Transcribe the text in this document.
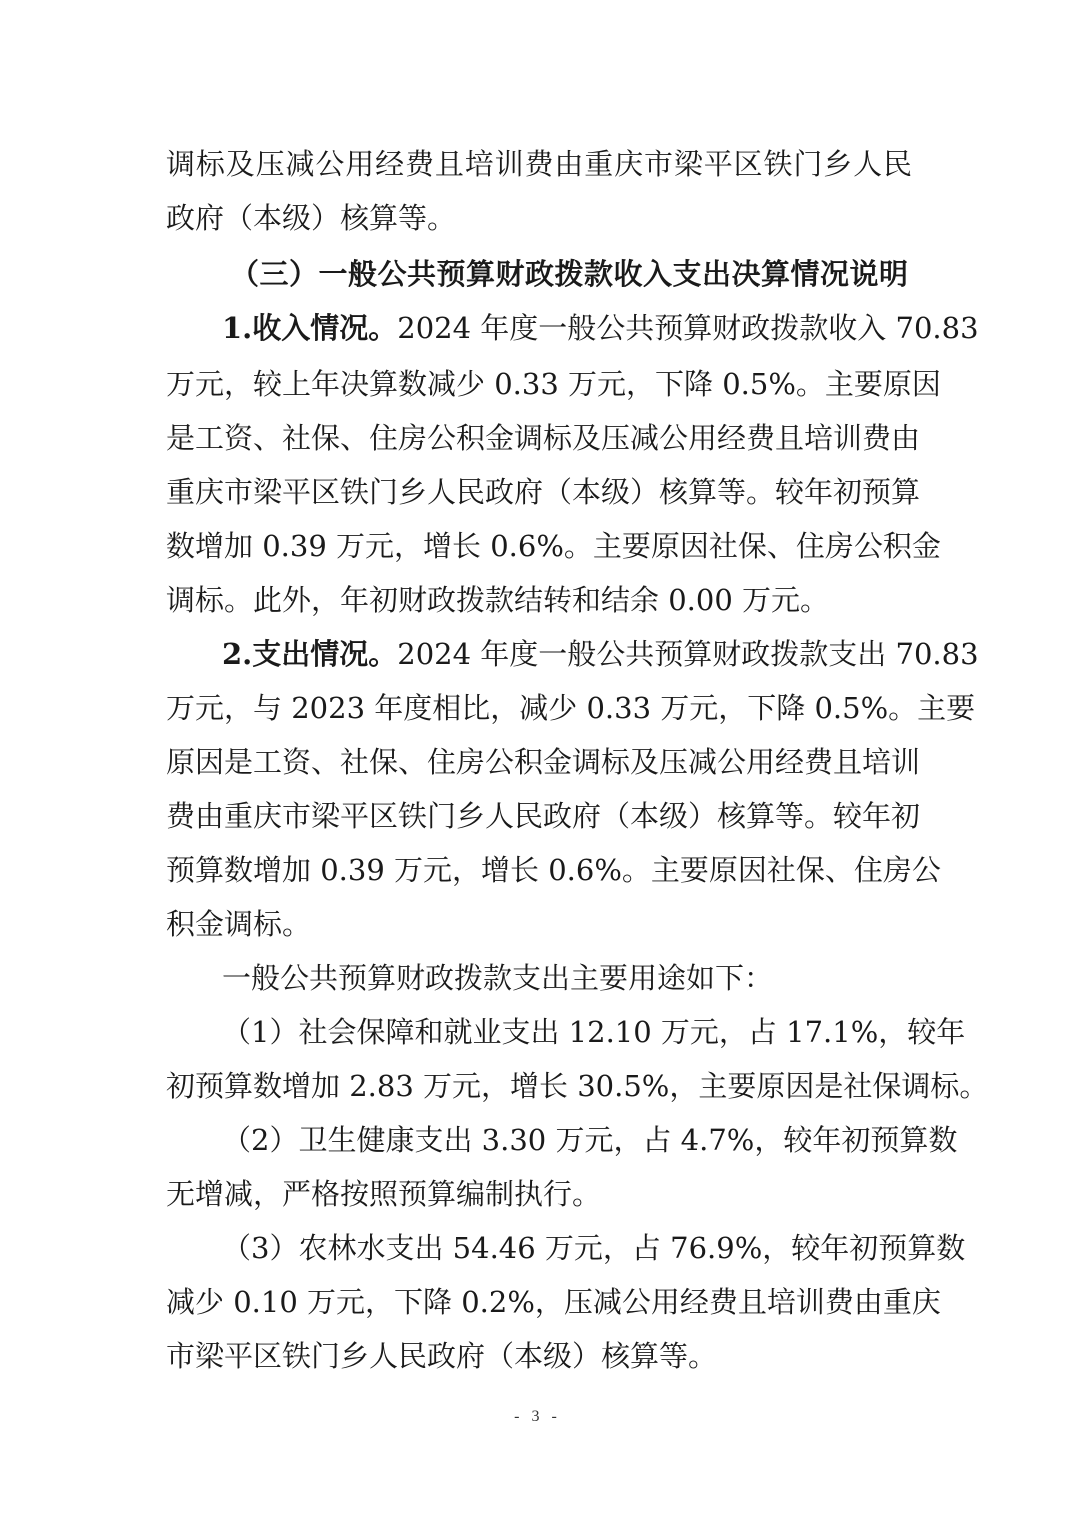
调标及压减公用经费且培训费由重庆市梁平区铁门乡人民
政府（本级）核算等。
（三）一般公共预算财政拨款收入支出决算情况说明
1.收入情况。2024 年度一般公共预算财政拨款收入 70.83
万元，较上年决算数减少 0.33 万元，下降 0.5%。主要原因
是工资、社保、住房公积金调标及压减公用经费且培训费由
重庆市梁平区铁门乡人民政府（本级）核算等。较年初预算
数增加 0.39 万元，增长 0.6%。主要原因社保、住房公积金
调标。此外，年初财政拨款结转和结余 0.00 万元。
2.支出情况。2024 年度一般公共预算财政拨款支出 70.83
万元，与 2023 年度相比，减少 0.33 万元，下降 0.5%。主要
原因是工资、社保、住房公积金调标及压减公用经费且培训
费由重庆市梁平区铁门乡人民政府（本级）核算等。较年初
预算数增加 0.39 万元，增长 0.6%。主要原因社保、住房公
积金调标。
一般公共预算财政拨款支出主要用途如下：
（1）社会保障和就业支出 12.10 万元，占 17.1%，较年
初预算数增加 2.83 万元，增长 30.5%，主要原因是社保调标。
（2）卫生健康支出 3.30 万元，占 4.7%，较年初预算数
无增减，严格按照预算编制执行。
（3）农林水支出 54.46 万元，占 76.9%，较年初预算数
减少 0.10 万元，下降 0.2%，压减公用经费且培训费由重庆
市梁平区铁门乡人民政府（本级）核算等。
- 3 -
